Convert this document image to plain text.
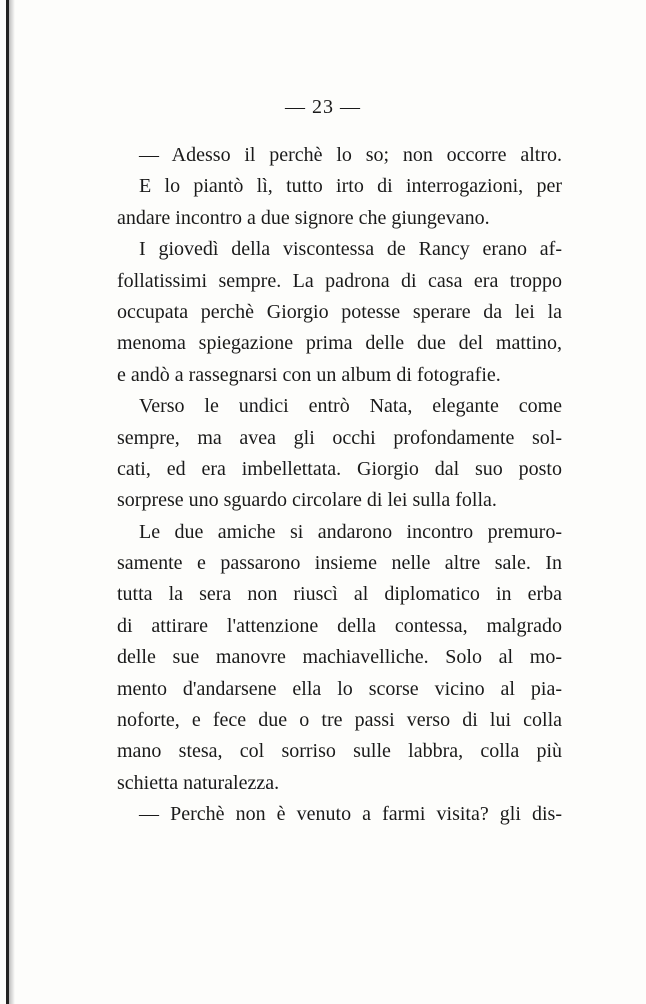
— 23 —
— Adesso il perchè lo so; non occorre altro.
E lo piantò lì, tutto irto di interrogazioni, per
andare incontro a due signore che giungevano.
I giovedì della viscontessa de Rancy erano af-
follatissimi sempre. La padrona di casa era troppo
occupata perchè Giorgio potesse sperare da lei la
menoma spiegazione prima delle due del mattino,
e andò a rassegnarsi con un album di fotografie.
Verso le undici entrò Nata, elegante come
sempre, ma avea gli occhi profondamente sol-
cati, ed era imbellettata. Giorgio dal suo posto
sorprese uno sguardo circolare di lei sulla folla.
Le due amiche si andarono incontro premuro-
samente e passarono insieme nelle altre sale. In
tutta la sera non riuscì al diplomatico in erba
di attirare l'attenzione della contessa, malgrado
delle sue manovre machiavelliche. Solo al mo-
mento d'andarsene ella lo scorse vicino al pia-
noforte, e fece due o tre passi verso di lui colla
mano stesa, col sorriso sulle labbra, colla più
schietta naturalezza.
— Perchè non è venuto a farmi visita? gli dis-
